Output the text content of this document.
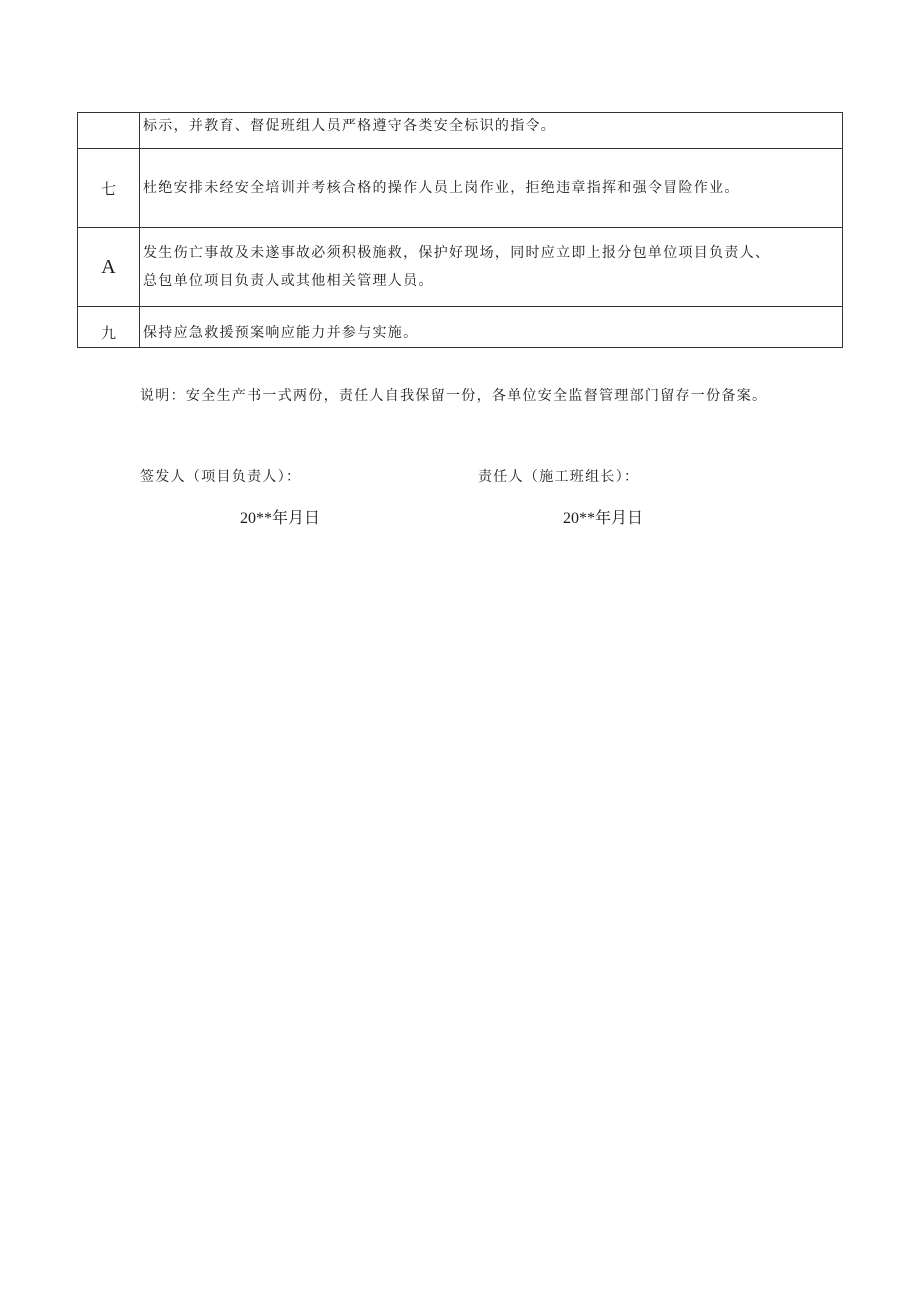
	标示，并教育、督促班组人员严格遵守各类安全标识的指令。
七	杜绝安排未经安全培训并考核合格的操作人员上岗作业，拒绝违章指挥和强令冒险作业。
A	发生伤亡事故及未遂事故必须积极施救，保护好现场，同时应立即上报分包单位项目负责人、
总包单位项目负责人或其他相关管理人员。

九	保持应急救援预案响应能力并参与实施。
说明：安全生产书一式两份，责任人自我保留一份，各单位安全监督管理部门留存一份备案。
签发人（项目负责人）：	责任人（施工班组长）：
20**年月日	20**年月日
